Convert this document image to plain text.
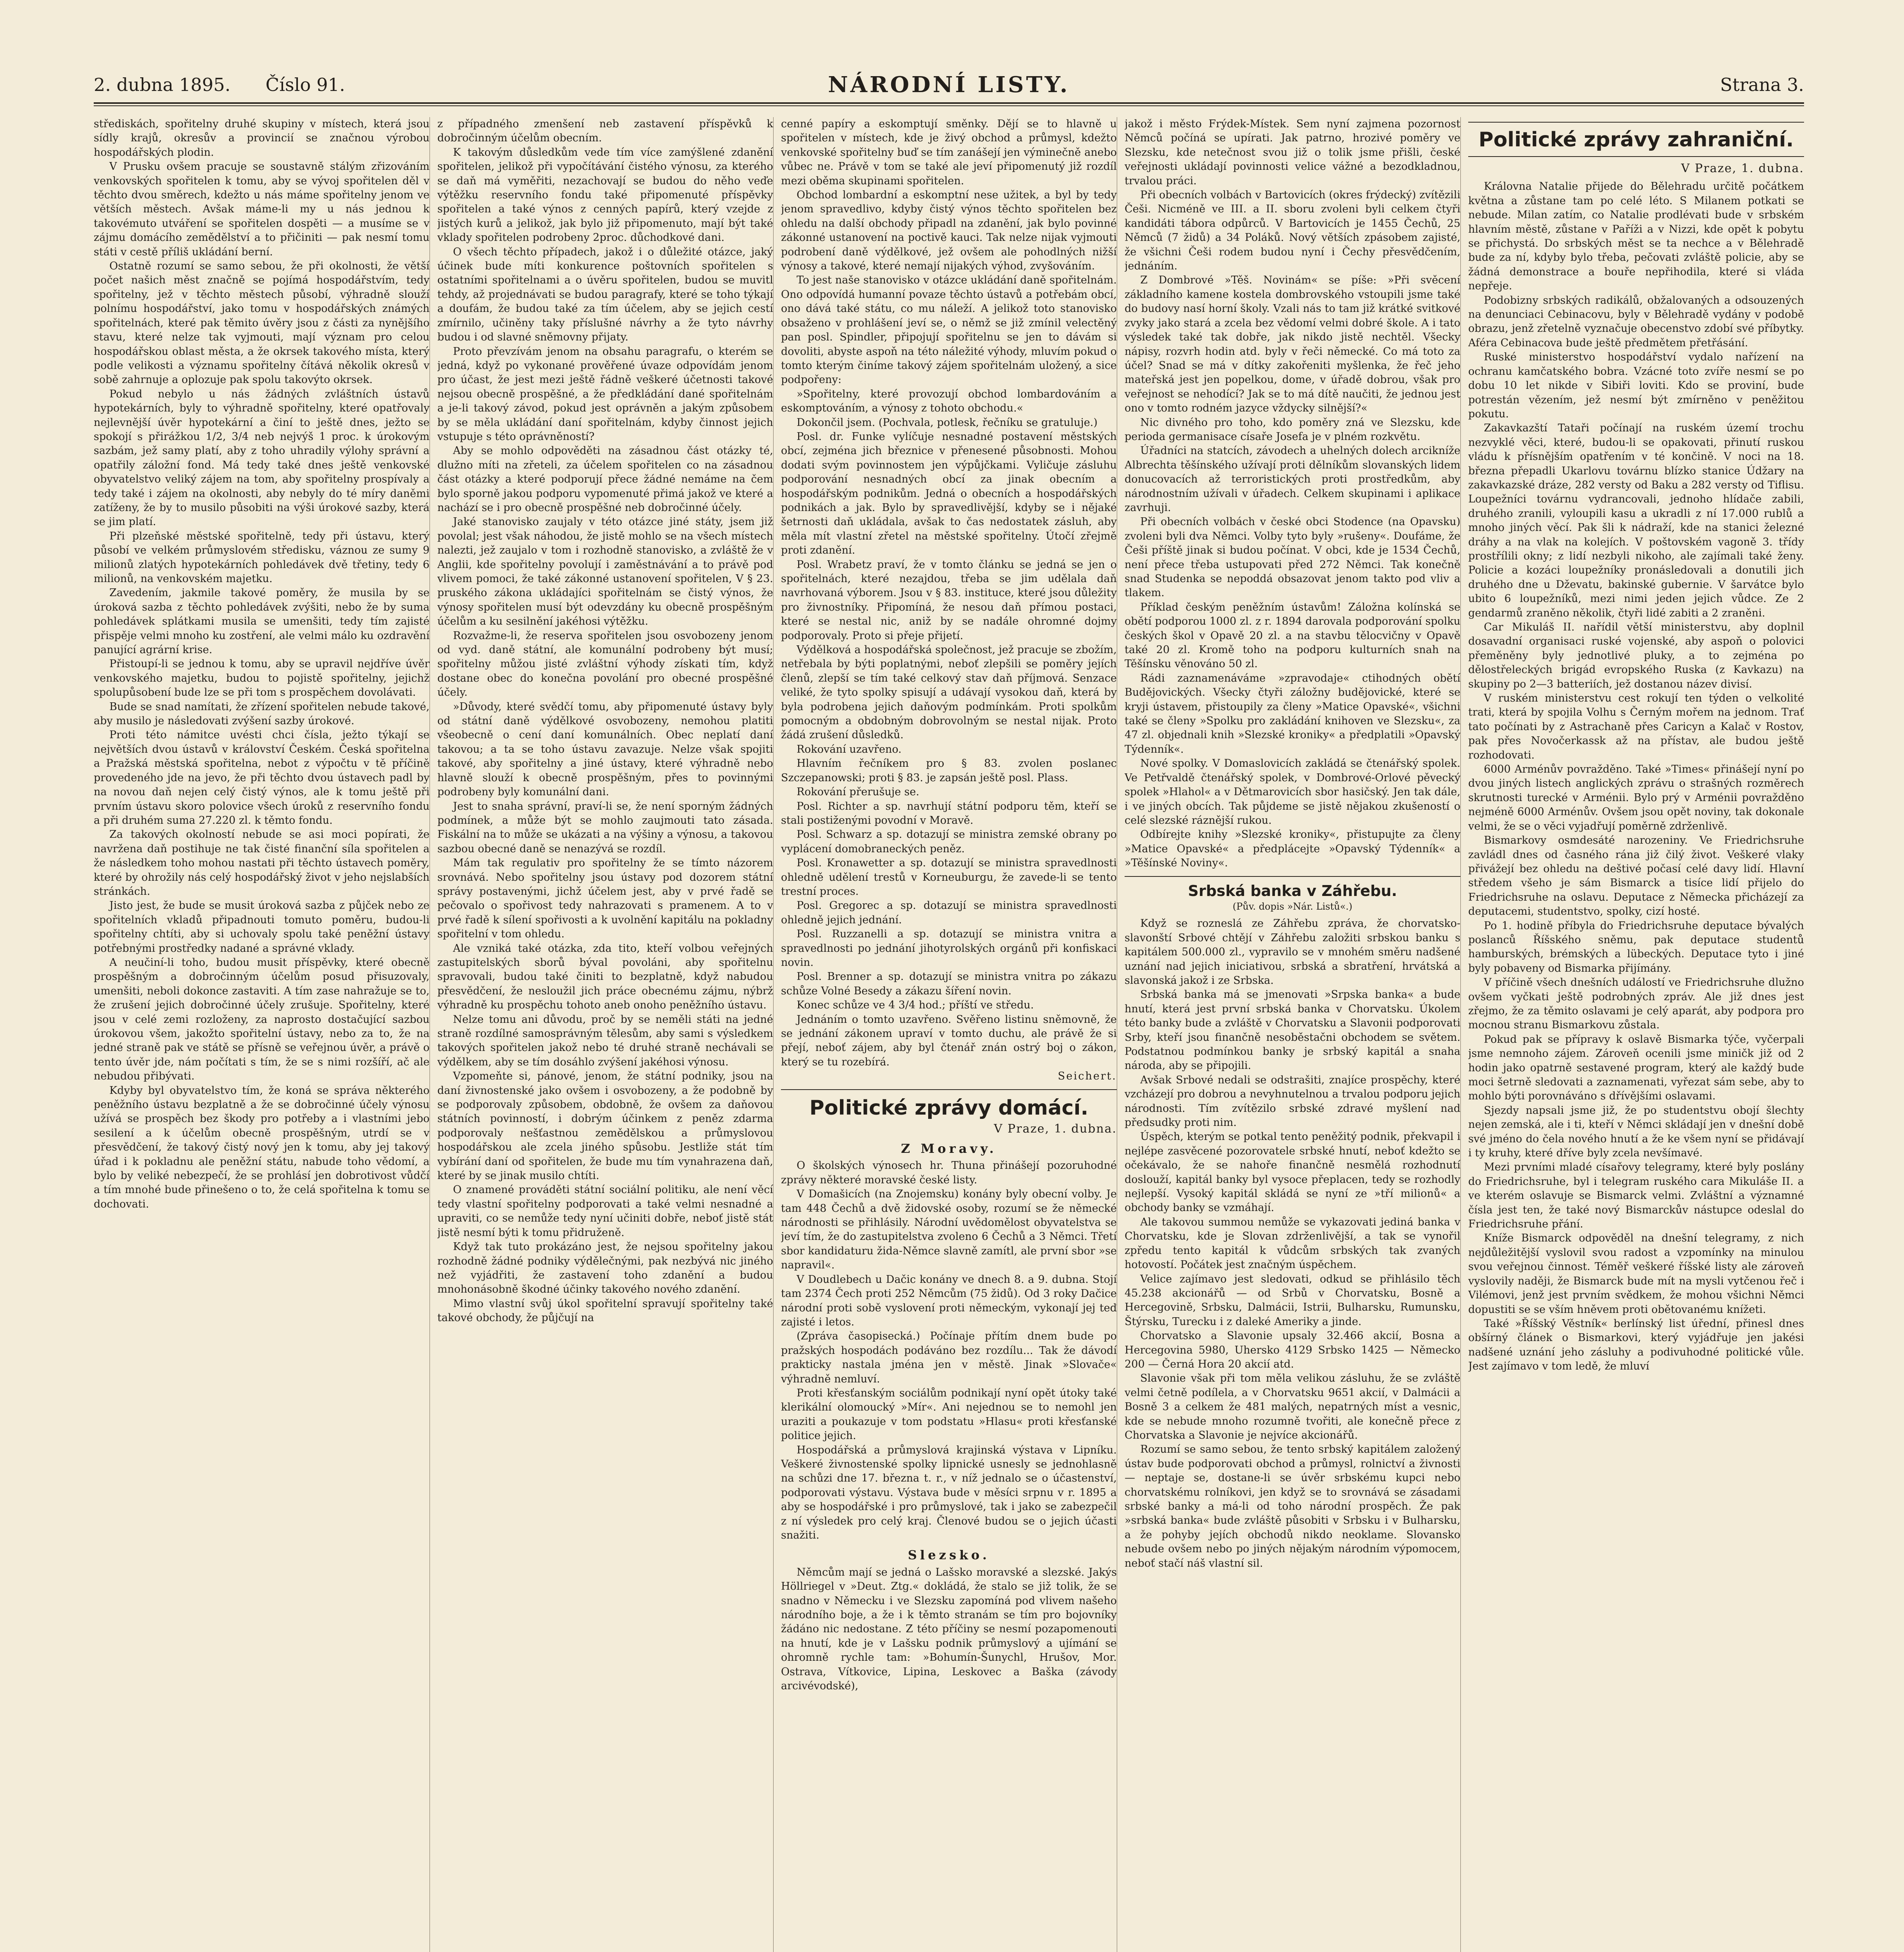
2. dubna 1895. Číslo 91.	NÁRODNÍ LISTY.	Strana 3.

střediskách, spořitelny druhé skupiny v místech, která jsou sídly krajů, okresův a provincií se značnou výrobou hospodářských plodin.

V Prusku ovšem pracuje se soustavně stálým zřizováním venkovských spořitelen k tomu, aby se vývoj spořitelen děl v těchto dvou směrech, kdežto u nás máme spořitelny jenom ve větších městech. Avšak máme-li my u nás jednou k takovémuto utváření se spořitelen dospěti — a musíme se v zájmu domácího zemědělství a to přičiniti — pak nesmí tomu státi v cestě příliš ukládání berní.

Ostatně rozumí se samo sebou, že při okolnosti, že větší počet našich měst značně se pojímá hospodářstvím, tedy spořitelny, jež v těchto městech působí, výhradně slouží polnímu hospodářství, jako tomu v hospodářských známých spořitelnách, které pak těmito úvěry jsou z části za nynějšího stavu, které nelze tak vyjmouti, mají význam pro celou hospodářskou oblast města, a že okrsek takového místa, který podle velikosti a významu spořitelny čítává několik okresů v sobě zahrnuje a oplozuje pak spolu takovýto okrsek.

Pokud nebylo u nás žádných zvláštních ústavů hypotekárních, byly to výhradně spořitelny, které opatřovaly nejlevnější úvěr hypotekární a činí to ještě dnes, ježto se spokojí s přirážkou 1/2, 3/4 neb nejvýš 1 proc. k úrokovým sazbám, jež samy platí, aby z toho uhradily výlohy správní a opatřily záložní fond. Má tedy také dnes ještě venkovské obyvatelstvo veliký zájem na tom, aby spořitelny prospívaly a tedy také i zájem na okolnosti, aby nebyly do té míry daněmi zatíženy, že by to musilo působiti na výši úrokové sazby, která se jim platí.

Při plzeňské městské spořitelně, tedy při ústavu, který působí ve velkém průmyslovém středisku, váznou ze sumy 9 milionů zlatých hypotekárních pohledávek dvě třetiny, tedy 6 milionů, na venkovském majetku.

Zavedením, jakmile takové poměry, že musila by se úroková sazba z těchto pohledávek zvýšiti, nebo že by suma pohledávek splátkami musila se umenšiti, tedy tím zajisté přispěje velmi mnoho ku zostření, ale velmi málo ku ozdravění panující agrární krise.

Přistoupí-li se jednou k tomu, aby se upravil nejdříve úvěr venkovského majetku, budou to pojistě spořitelny, jejichž spolupůsobení bude lze se při tom s prospěchem dovolávati.

Bude se snad namítati, že zřízení spořitelen nebude takové, aby musilo je následovati zvýšení sazby úrokové.

Proti této námitce uvésti chci čísla, ježto týkají se největších dvou ústavů v království Českém. Česká spořitelna a Pražská městská spořitelna, nebot z výpočtu v tě příčině provedeného jde na jevo, že při těchto dvou ústavech padl by na novou daň nejen celý čistý výnos, ale k tomu ještě při prvním ústavu skoro polovice všech úroků z reservního fondu a při druhém suma 27.220 zl. k těmto fondu.

Za takových okolností nebude se asi moci popírati, že navržena daň postihuje ne tak čisté finanční síla spořitelen a že následkem toho mohou nastati při těchto ústavech poměry, které by ohrožily nás celý hospodářský život v jeho nejslabších stránkách.

Jisto jest, že bude se musit úroková sazba z půjček nebo ze spořitelních vkladů připadnouti tomuto poměru, budou-li spořitelny chtíti, aby si uchovaly spolu také peněžní ústavy potřebnými prostředky nadané a správné vklady.

A neučiní-li toho, budou musit příspěvky, které obecně prospěšným a dobročinným účelům posud přisuzovaly, umenšiti, neboli dokonce zastaviti. A tím zase nahražuje se to, že zrušení jejich dobročinné účely zrušuje. Spořitelny, které jsou v celé zemi rozloženy, za naprosto dostačující sazbou úrokovou všem, jakožto spořitelní ústavy, nebo za to, že na jedné straně pak ve státě se přísně se veřejnou úvěr, a právě o tento úvěr jde, nám počítati s tím, že se s nimi rozšíří, ač ale nebudou přibývati.

Kdyby byl obyvatelstvo tím, že koná se správa některého peněžního ústavu bezplatně a že se dobročinné účely výnosu užívá se prospěch bez škody pro potřeby a i vlastními jebo sesilení a k účelům obecně prospěšným, utrdí se v přesvědčení, že takový čistý nový jen k tomu, aby jej takový úřad i k pokladnu ale peněžní státu, nabude toho vědomí, a bylo by veliké nebezpečí, že se prohlásí jen dobrotivost vůdčí a tím mnohé bude přinešeno o to, že celá spořitelna k tomu se dochovati.

z případného zmenšení neb zastavení příspěvků k dobročinným účelům obecním.

K takovým důsledkům vede tím více zamýšlené zdanění spořitelen, jelikož při vypočítávání čistého výnosu, za kterého se daň má vyměřiti, nezachovají se budou do něho veďe výtěžku reservního fondu také připomenuté příspěvky spořitelen a také výnos z cenných papírů, který vzejde z jistých kurů a jelikož, jak bylo již připomenuto, mají být také vklady spořitelen podrobeny 2proc. důchodkové dani.

O všech těchto případech, jakož i o důležité otázce, jaký účinek bude míti konkurence poštovních spořitelen s ostatními spořitelnami a o úvěru spořitelen, budou se muvitl tehdy, až projednávati se budou paragrafy, které se toho týkají a doufám, že budou také za tím účelem, aby se jejich cestí zmírnilo, učiněny taky příslušné návrhy a že tyto návrhy budou i od slavné sněmovny přijaty.

Proto převzívám jenom na obsahu paragrafu, o kterém se jedná, když po vykonané prověřené úvaze odpovídám jenom pro účast, že jest mezi ještě řádně veškeré účetnosti takové nejsou obecně prospěšné, a že předkládání dané spořitelnám a je-li takový závod, pokud jest oprávněn a jakým způsobem by se měla ukládání daní spořitelnám, kdyby činnost jejich vstupuje s této oprávněností?

Aby se mohlo odpověděti na zásadnou část otázky té, dlužno míti na zřeteli, za účelem spořitelen co na zásadnou část otázky a které podporují přece žádné nemáme na čem bylo sporně jakou podporu vypomenuté přimá jakož ve které a nachází se i pro obecně prospěšné neb dobročinné účely.

Jaké stanovisko zaujaly v této otázce jiné státy, jsem již povolal; jest však náhodou, že jistě mohlo se na všech místech nalezti, jež zaujalo v tom i rozhodně stanovisko, a zvláště že v Anglii, kde spořitelny povolují i zaměstnávání a to právě pod vlivem pomoci, že také zákonné ustanovení spořitelen, V § 23. pruského zákona ukládajíci spořitelnám se čistý výnos, že výnosy spořitelen musí být odevzdány ku obecně prospěšným účelům a ku sesilnění jakéhosi výtěžku.

Rozvažme-li, že reserva spořitelen jsou osvobozeny jenom od vyd. daně státní, ale komunální podrobeny být musí; spořitelny můžou jisté zvláštní výhody získati tím, když dostane obec do konečna povolání pro obecné prospěšné účely.

»Důvody, které svědčí tomu, aby připomenuté ústavy byly od státní daně výdělkové osvobozeny, nemohou platiti všeobecně o cení daní komunálních. Obec neplatí daní takovou; a ta se toho ústavu zavazuje. Nelze však spojiti takové, aby spořitelny a jiné ústavy, které výhradně nebo hlavně slouží k obecně prospěšným, přes to povinnými podrobeny byly komunální dani.

Jest to snaha správní, praví-li se, že není sporným žádných podmínek, a může být se mohlo zaujmouti tato zásada. Fiskální na to může se ukázati a na výšiny a výnosu, a takovou sazbou obecné daně se nenazývá se rozdíl.

Mám tak regulativ pro spořitelny že se tímto názorem srovnává. Nebo spořitelny jsou ústavy pod dozorem státní správy postavenými, jichž účelem jest, aby v prvé řadě se pečovalo o spořivost tedy nahrazovati s pramenem. A to v prvé řadě k sílení spořivosti a k uvolnění kapitálu na pokladny spořitelní v tom ohledu.

Ale vzniká také otázka, zda tito, kteří volbou veřejných zastupitelských sborů býval povoláni, aby spořitelnu spravovali, budou také činiti to bezplatně, když nabudou přesvědčení, že nesloužil jich práce obecnému zájmu, nýbrž výhradně ku prospěchu tohoto aneb onoho peněžního ústavu.

Nelze tomu ani důvodu, proč by se neměli státi na jedné straně rozdílné samosprávným tělesům, aby sami s výsledkem takových spořitelen jakož nebo té druhé straně nechávali se výdělkem, aby se tím dosáhlo zvýšení jakéhosi výnosu.

Vzpomeňte si, pánové, jenom, že státní podniky, jsou na daní živnostenské jako ovšem i osvobozeny, a že podobně by se podporovaly způsobem, obdobně, že ovšem za daňovou státních povinností, i dobrým účinkem z peněz zdarma podporovaly nešťastnou zemědělskou a průmyslovou hospodářskou ale zcela jiného spůsobu. Jestliže stát tím vybírání daní od spořitelen, že bude mu tím vynahrazena daň, které by se jinak musilo chtíti.

O znamené prováděti státní sociální politiku, ale není věcí tedy vlastní spořitelny podporovati a také velmi nesnadné a upraviti, co se nemůže tedy nyní učiniti dobře, neboť jistě stát jistě nesmí býti k tomu přidruženě.

Když tak tuto prokázáno jest, že nejsou spořitelny jakou rozhodně žádné podniky výdělečnými, pak nezbývá nic jiného než vyjádřiti, že zastavení toho zdanění a budou mnohonásobně škodné účinky takového nového zdanění.

Mimo vlastní svůj úkol spořitelní spravují spořitelny také takové obchody, že půjčují na

cenné papíry a eskomptují směnky. Dějí se to hlavně u spořitelen v místech, kde je živý obchod a průmysl, kdežto venkovské spořitelny buď se tím zanášejí jen výminečně anebo vůbec ne. Právě v tom se také ale jeví připomenutý již rozdíl mezi oběma skupinami spořitelen.

Obchod lombardní a eskomptní nese užitek, a byl by tedy jenom spravedlivo, kdyby čistý výnos těchto spořitelen bez ohledu na další obchody připadl na zdanění, jak bylo povinné zákonné ustanovení na poctivě kauci. Tak nelze nijak vyjmouti podrobení daně výdělkové, jež ovšem ale pohodlných nižší výnosy a takové, které nemají nijakých výhod, zvyšováním.

To jest naše stanovisko v otázce ukládání daně spořitelnám. Ono odpovídá humanní povaze těchto ústavů a potřebám obcí, ono dává také státu, co mu náleží. A jelikož toto stanovisko obsaženo v prohlášení jeví se, o němž se již zmínil velectěný pan posl. Spindler, připojují spořitelnu se jen to dávám si dovoliti, abyste aspoň na této náležité výhody, mluvím pokud o tomto kterým činíme takový zájem spořitelnám uložený, a sice podpořeny:

»Spořitelny, které provozují obchod lombardováním a eskomptováním, a výnosy z tohoto obchodu.«

Dokončil jsem. (Pochvala, potlesk, řečníku se gratuluje.)

Posl. dr. Funke vylíčuje nesnadné postavení městských obcí, zejména jich březnice v přenesené působnosti. Mohou dodati svým povinnostem jen výpůjčkami. Vyličuje zásluhu podporování nesnadných obcí za jinak obecním a hospodářským podnikům. Jedná o obecních a hospodářských podnikách a jak. Bylo by spravedlivější, kdyby se i nějaké šetrnosti daň ukládala, avšak to čas nedostatek zásluh, aby měla mít vlastní zřetel na městské spořitelny. Útočí zřejmě proti zdanění.

Posl. Wrabetz praví, že v tomto článku se jedná se jen o spořitelnách, které nezajdou, třeba se jim udělala daň navrhovaná výborem. Jsou v § 83. instituce, které jsou důležity pro živnostníky. Připomíná, že nesou daň přímou postaci, které se nestal nic, aniž by se nadále ohromné dojmy podporovaly. Proto si přeje přijetí.

Výdělková a hospodářská společnost, jež pracuje se zbožím, netřebala by býti poplatnými, neboť zlepšili se poměry jejích členů, zlepší se tím také celkový stav daň příjmová. Senzace veliké, že tyto spolky spisují a udávají vysokou daň, která by byla podrobena jejich daňovým podmínkám. Proti spolkům pomocným a obdobným dobrovolným se nestal nijak. Proto žádá zrušení důsledků.

Rokování uzavřeno.

Hlavním řečníkem pro § 83. zvolen poslanec Szczepanowski; proti § 83. je zapsán ještě posl. Plass.

Rokování přerušuje se.

Posl. Richter a sp. navrhují státní podporu těm, kteří se stali postiženými povodní v Moravě.

Posl. Schwarz a sp. dotazují se ministra zemské obrany po vyplácení domobraneckých peněz.

Posl. Kronawetter a sp. dotazují se ministra spravedlnosti ohledně udělení trestů v Korneuburgu, že zavede-li se tento trestní proces.

Posl. Gregorec a sp. dotazují se ministra spravedlnosti ohledně jejich jednání.

Posl. Ruzzanelli a sp. dotazují se ministra vnitra a spravedlnosti po jednání jihotyrolských orgánů při konfiskaci novin.

Posl. Brenner a sp. dotazují se ministra vnitra po zákazu schůze Volné Besedy a zákazu šíření novin.

Konec schůze ve 4 3/4 hod.; příští ve středu.

Jednáním o tomto uzavřeno. Svěřeno listinu sněmovně, že se jednání zákonem upraví v tomto duchu, ale právě že si přejí, neboť zájem, aby byl čtenář znán ostrý boj o zákon, který se tu rozebírá.

Seichert.

Politické zprávy domácí.
V Praze, 1. dubna.
Z Moravy.

O školských výnosech hr. Thuna přinášejí pozoruhodné zprávy některé moravské české listy.

V Domašicích (na Znojemsku) konány byly obecní volby. Je tam 448 Čechů a dvě židovské osoby, rozumí se že německé národnosti se přihlásily. Národní uvědomělost obyvatelstva se jeví tím, že do zastupitelstva zvoleno 6 Čechů a 3 Němci. Třetí sbor kandidaturu žida-Němce slavně zamítl, ale první sbor »se napravil«.

V Doudlebech u Dačic konány ve dnech 8. a 9. dubna. Stojí tam 2374 Čech proti 252 Němcům (75 židů). Od 3 roky Dačice národní proti sobě vyslovení proti německým, vykonají jej teď zajisté i letos.

(Zpráva časopisecká.) Počínaje přítím dnem bude po pražských hospodách podáváno bez rozdílu... Tak že dávodí prakticky nastala jména jen v městě. Jinak »Slovače« výhradně nemluví.

Proti křesťanským sociálům podnikají nyní opět útoky také klerikální olomoucký »Mír«. Ani nejednou se to nemohl jen uraziti a poukazuje v tom podstatu »Hlasu« proti křesťanské politice jejich.

Hospodářská a průmyslová krajinská výstava v Lipníku. Veškeré živnostenské spolky lipnické usnesly se jednohlasně na schůzi dne 17. března t. r., v níž jednalo se o účastenství, podporovati výstavu. Výstava bude v měsíci srpnu v r. 1895 a aby se hospodářské i pro průmyslové, tak i jako se zabezpečil z ní výsledek pro celý kraj. Členové budou se o jejich účasti snažiti.

Slezsko.

Němcům mají se jedná o Lašsko moravské a slezské. Jakýs Höllriegel v »Deut. Ztg.« dokládá, že stalo se již tolik, že se snadno v Německu i ve Slezsku zapomíná pod vlivem našeho národního boje, a že i k těmto stranám se tím pro bojovníky žádáno nic nedostane. Z této příčiny se nesmí pozapomenouti na hnutí, kde je v Lašsku podnik průmyslový a ujímání se ohromně rychle tam: »Bohumín-Šunychl, Hrušov, Mor. Ostrava, Vítkovice, Lipina, Leskovec a Baška (závody arcivévodské),

jakož i město Frýdek-Místek. Sem nyní zajmena pozornost Němců počíná se upírati. Jak patrno, hrozivé poměry ve Slezsku, kde netečnost svou již o tolik jsme přišli, české veřejnosti ukládají povinnosti velice vážné a bezodkladnou, trvalou práci.

Při obecních volbách v Bartovicích (okres frýdecký) zvítězili Češi. Nicméně ve III. a II. sboru zvoleni byli celkem čtyři kandidáti tábora odpůrců. V Bartovicích je 1455 Čechů, 25 Němců (7 židů) a 34 Poláků. Nový větších zpásobem zajisté, že všichni Češi rodem budou nyní i Čechy přesvědčením, jednáním.

Z Dombrové »Těš. Novinám« se píše: »Při svěcení základního kamene kostela dombrovského vstoupili jsme také do budovy nasí horní školy. Vzali nás to tam již krátké svitkové zvyky jako stará a zcela bez vědomí velmi dobré škole. A i tato výsledek také tak dobře, jak nikdo jistě nechtěl. Všecky nápisy, rozvrh hodin atd. byly v řeči německé. Co má toto za účel? Snad se má v dítky zakořeniti myšlenka, že řeč jeho mateřská jest jen popelkou, dome, v úřadě dobrou, však pro veřejnost se nehodící? Jak se to má dítě naučiti, že jednou jest ono v tomto rodném jazyce vždycky silnější?«

Nic divného pro toho, kdo poměry zná ve Slezsku, kde perioda germanisace císaře Josefa je v plném rozkvětu.

Úřadníci na statcích, závodech a uhelných dolech arcikníže Albrechta těšínského užívají proti dělníkům slovanských lidem donucovacích až terroristických proti prostředkům, aby národnostním užívali v úřadech. Celkem skupinami i aplikace zavrhuji.

Při obecních volbách v české obci Stodence (na Opavsku) zvoleni byli dva Němci. Volby tyto byly »rušeny«. Doufáme, že Češi příště jinak si budou počínat. V obci, kde je 1534 Čechů, není přece třeba ustupovati před 272 Němci. Tak konečně snad Studenka se nepoddá obsazovat jenom takto pod vliv a tlakem.

Příklad českým peněžním ústavům! Záložna kolínská se obětí podporou 1000 zl. z r. 1894 darovala podporování spolku českých škol v Opavě 20 zl. a na stavbu tělocvičny v Opavě také 20 zl. Kromě toho na podporu kulturních snah na Těšínsku věnováno 50 zl.

Rádi zaznamenáváme »zpravodaje« ctihodných obětí Budějovických. Všecky čtyři záložny budějovické, které se kryji ústavem, přistoupily za členy »Matice Opavské«, všichni také se členy »Spolku pro zakládání knihoven ve Slezsku«, za 47 zl. objednali knih »Slezské kroniky« a předplatili »Opavský Týdenník«.

Nové spolky. V Domaslovicích zakládá se čtenářský spolek. Ve Petřvaldě čtenářský spolek, v Dombrové-Orlové pěvecký spolek »Hlahol« a v Dětmarovicích sbor hasičský. Jen tak dále, i ve jiných obcích. Tak půjdeme se jistě nějakou zkušeností o celé slezské ráznější rukou.

Odbírejte knihy »Slezské kroniky«, přistupujte za členy »Matice Opavské« a předplácejte »Opavský Týdenník« a »Těšínské Noviny«.

Srbská banka v Záhřebu.
(Pův. dopis »Nár. Listů«.)

Když se rozneslá ze Záhřebu zpráva, že chorvatsko-slavonští Srbové chtějí v Záhřebu založiti srbskou banku s kapitálem 500.000 zl., vypravilo se v mnohém směru nadšené uznání nad jejich iniciativou, srbská a sbratření, hrvátská a slavonská jakož i ze Srbska.

Srbská banka má se jmenovati »Srpska banka« a bude hnutí, která jest první srbská banka v Chorvatsku. Úkolem této banky bude a zvláště v Chorvatsku a Slavonii podporovati Srby, kteří jsou finančně nesoběstačni obchodem se světem. Podstatnou podmínkou banky je srbský kapitál a snaha národa, aby se připojili.

Avšak Srbové nedali se odstrašiti, znajíce prospěchy, které vzcházejí pro dobrou a nevyhnutelnou a trvalou podporu jejich národnosti. Tím zvítězilo srbské zdravé myšlení nad předsudky proti nim.

Úspěch, kterým se potkal tento peněžitý podnik, překvapil i nejlépe zasvěcené pozorovatele srbské hnutí, neboť kdežto se očekávalo, že se nahoře finančně nesmělá rozhodnutí doslouží, kapitál banky byl vysoce přeplacen, tedy se rozhodly nejlepší. Vysoký kapitál skládá se nyní ze »tří milionů« a obchody banky se vzmáhají.

Ale takovou summou nemůže se vykazovati jediná banka v Chorvatsku, kde je Slovan zdrženlivější, a tak se vynořil zpředu tento kapitál k vůdcům srbských tak zvaných hotovostí. Počátek jest značným úspěchem.

Velice zajímavo jest sledovati, odkud se přihlásilo těch 45.238 akcionářů — od Srbů v Chorvatsku, Bosně a Hercegovině, Srbsku, Dalmácii, Istrii, Bulharsku, Rumunsku, Štýrsku, Turecku i z daleké Ameriky a jinde.

Chorvatsko a Slavonie upsaly 32.466 akcií, Bosna a Hercegovina 5980, Uhersko 4129 Srbsko 1425 — Německo 200 — Černá Hora 20 akcií atd.

Slavonie však při tom měla velikou zásluhu, že se zvláště velmi četně podílela, a v Chorvatsku 9651 akcií, v Dalmácii a Bosně 3 a celkem že 481 malých, nepatrných míst a vesnic, kde se nebude mnoho rozumně tvořiti, ale konečně přece z Chorvatska a Slavonie je nejvíce akcionářů.

Rozumí se samo sebou, že tento srbský kapitálem založený ústav bude podporovati obchod a průmysl, rolnictví a živnosti — neptaje se, dostane-li se úvěr srbskému kupci nebo chorvatskému rolníkovi, jen když se to srovnává se zásadami srbské banky a má-li od toho národní prospěch. Že pak »srbská banka« bude zvláště působiti v Srbsku i v Bulharsku, a že pohyby jejích obchodů nikdo neoklame. Slovansko nebude ovšem nebo po jiných nějakým národním výpomocem, neboť stačí náš vlastní sil.

Politické zprávy zahraniční.
V Praze, 1. dubna.

Královna Natalie přijede do Bělehradu určitě počátkem května a zůstane tam po celé léto. S Milanem potkati se nebude. Milan zatím, co Natalie prodlévati bude v srbském hlavním městě, zůstane v Paříži a v Nizzi, kde opět k pobytu se přichystá. Do srbských měst se ta nechce a v Bělehradě bude za ní, kdyby bylo třeba, pečovati zvláště policie, aby se žádná demonstrace a bouře nepřihodila, které si vláda nepřeje.

Podobizny srbských radikálů, obžalovaných a odsouzených na denunciaci Cebinacovu, byly v Bělehradě vydány v podobě obrazu, jenž zřetelně vyznačuje obecenstvo zdobí své příbytky. Aféra Cebinacova bude ještě předmětem přetřásání.

Ruské ministerstvo hospodářství vydalo nařízení na ochranu kamčatského bobra. Vzácné toto zvíře nesmí se po dobu 10 let nikde v Sibiři loviti. Kdo se proviní, bude potrestán vězením, jež nesmí být zmírněno v peněžitou pokutu.

Zakavkazští Tataři počínají na ruském území trochu nezvyklé věci, které, budou-li se opakovati, přinutí ruskou vládu k přísnějším opatřením v té končině. V noci na 18. března přepadli Ukarlovu továrnu blízko stanice Údžary na zakavkazské dráze, 282 versty od Baku a 282 versty od Tiflisu. Loupežníci továrnu vydrancovali, jednoho hlídače zabili, druhého zranili, vyloupili kasu a ukradli z ní 17.000 rublů a mnoho jiných věcí. Pak šli k nádraží, kde na stanici železné dráhy a na vlak na kolejích. V poštovském vagoně 3. třídy prostřílili okny; z lidí nezbyli nikoho, ale zajímali také ženy. Policie a kozáci loupežníky pronásledovali a donutili jich druhého dne u Dževatu, bakinské gubernie. V šarvátce bylo ubito 6 loupežníků, mezi nimi jeden jejich vůdce. Ze 2 gendarmů zraněno několik, čtyři lidé zabiti a 2 zraněni.

Car Mikuláš II. nařídil větší ministerstvu, aby doplnil dosavadní organisaci ruské vojenské, aby aspoň o polovici přeměněny byly jednotlivé pluky, a to zejména po dělostřeleckých brigád evropského Ruska (z Kavkazu) na skupiny po 2—3 batteriích, jež dostanou název divisí.

V ruském ministerstvu cest rokují ten týden o velkolité trati, která by spojila Volhu s Černým mořem na jednom. Trať tato počínati by z Astrachaně přes Caricyn a Kalač v Rostov, pak přes Novočerkassk až na přístav, ale budou ještě rozhodovati.

6000 Arménův povražděno. Také »Times« přinášejí nyní po dvou jiných listech anglických zprávu o strašných rozměrech skrutnosti turecké v Arménii. Bylo prý v Arménii povražděno nejméně 6000 Arménův. Ovšem jsou opět noviny, tak dokonale velmi, že se o věci vyjadřují poměrně zdrženlivě.

Bismarkovy osmdesáté narozeniny. Ve Friedrichsruhe zavládl dnes od časného rána již čilý život. Veškeré vlaky přivážejí bez ohledu na deštivé počasí celé davy lidí. Hlavní středem všeho je sám Bismarck a tisíce lidí přijelo do Friedrichsruhe na oslavu. Deputace z Německa přicházejí za deputacemi, studentstvo, spolky, cizí hosté.

Po 1. hodině příbyla do Friedrichsruhe deputace bývalých poslanců Říšského sněmu, pak deputace studentů hamburských, brémských a lübeckých. Deputace tyto i jiné byly pobaveny od Bismarka přijímány.

V příčině všech dnešních událostí ve Friedrichsruhe dlužno ovšem vyčkati ještě podrobných zpráv. Ale již dnes jest zřejmo, že za těmito oslavami je celý aparát, aby podpora pro mocnou stranu Bismarkovu zůstala.

Pokud pak se přípravy k oslavě Bismarka týče, vyčerpali jsme nemnoho zájem. Zároveň ocenili jsme miničk již od 2 hodin jako opatrně sestavené program, který ale každý bude moci šetrně sledovati a zaznamenati, vyřezat sám sebe, aby to mohlo býti porovnáváno s dřívějšími oslavami.

Sjezdy napsali jsme již, že po studentstvu obojí šlechty nejen zemská, ale i ti, kteří v Němci skládají jen v dnešní době své jméno do čela nového hnutí a že ke všem nyní se přidávají i ty kruhy, které dříve byly zcela nevšímavé.

Mezi prvními mladé císařovy telegramy, které byly poslány do Friedrichsruhe, byl i telegram ruského cara Mikuláše II. a ve kterém oslavuje se Bismarck velmi. Zvláštní a významné čísla jest ten, že také nový Bismarckův nástupce odeslal do Friedrichsruhe přání.

Kníže Bismarck odpověděl na dnešní telegramy, z nich nejdůležitější vyslovil svou radost a vzpomínky na minulou svou veřejnou činnost. Téměř veškeré říšské listy ale zároveň vyslovily naději, že Bismarck bude mít na mysli vytčenou řeč i Vilémovi, jenž jest prvním svědkem, že mohou všichni Němci dopustiti se se vším hněvem proti obětovanému knížeti.

Také »Říšský Věstník« berlínský list úřední, přinesl dnes obšírný článek o Bismarkovi, který vyjádřuje jen jakési nadšené uznání jeho zásluhy a podivuhodné politické vůle. Jest zajímavo v tom ledě, že mluví
